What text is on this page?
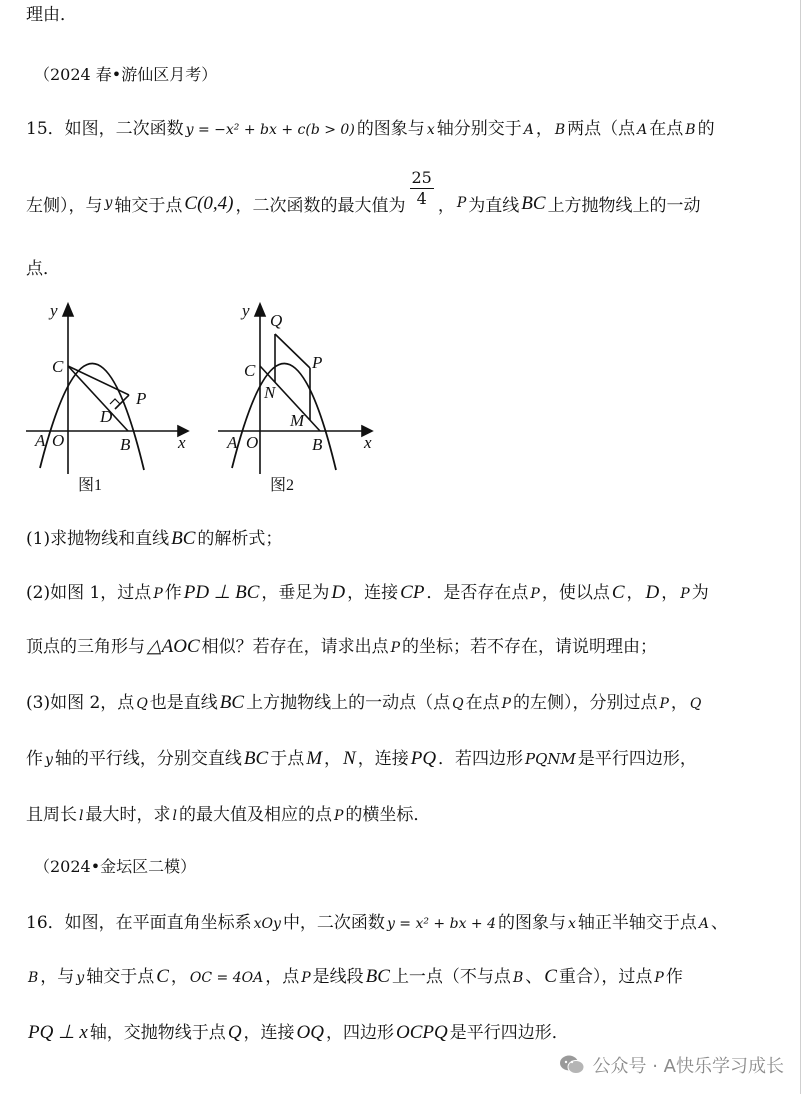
理由．
（2024 春•游仙区月考）
15．如图，二次函数 y = −x² + bx + c(b > 0) 的图象与 x 轴分别交于 A ， B 两点（点 A 在点 B 的
左侧），与 $_y$ 轴交于点 C(0,4) ，二次函数的最大值为 $\frac{25}{4}$ ， $_P$ 为直线 BC 上方抛物线上的一动
点．
y
x
C
P
D
A O	B
图1
y
x
Q
C	P
N
M
A O	B
图2
(1)求抛物线和直线 BC 的解析式；
(2)如图 1，过点 P 作 PD ⊥ BC ，垂足为 D ，连接 CP ．是否存在点 P ，使以点 C ， D ， P 为
顶点的三角形与 △AOC 相似？若存在，请求出点 P 的坐标；若不存在，请说明理由；
(3)如图 2，点 Q 也是直线 BC 上方抛物线上的一动点（点 Q 在点 P 的左侧），分别过点 P ， Q
作 y 轴的平行线，分别交直线 BC 于点 M ， N ，连接 PQ ．若四边形 PQNM 是平行四边形，
且周长 l 最大时，求 l 的最大值及相应的点 P 的横坐标．
（2024•金坛区二模）
16．如图，在平面直角坐标系 xOy 中，二次函数 y = x² + bx + 4 的图象与 x 轴正半轴交于点 A 、
B ，与 y 轴交于点 C ， OC = 4OA ，点 P 是线段 BC 上一点（不与点 B 、 C 重合），过点 P 作
PQ ⊥ x 轴，交抛物线于点 Q ，连接 OQ ，四边形 OCPQ 是平行四边形．
公众号 · A快乐学习成长
